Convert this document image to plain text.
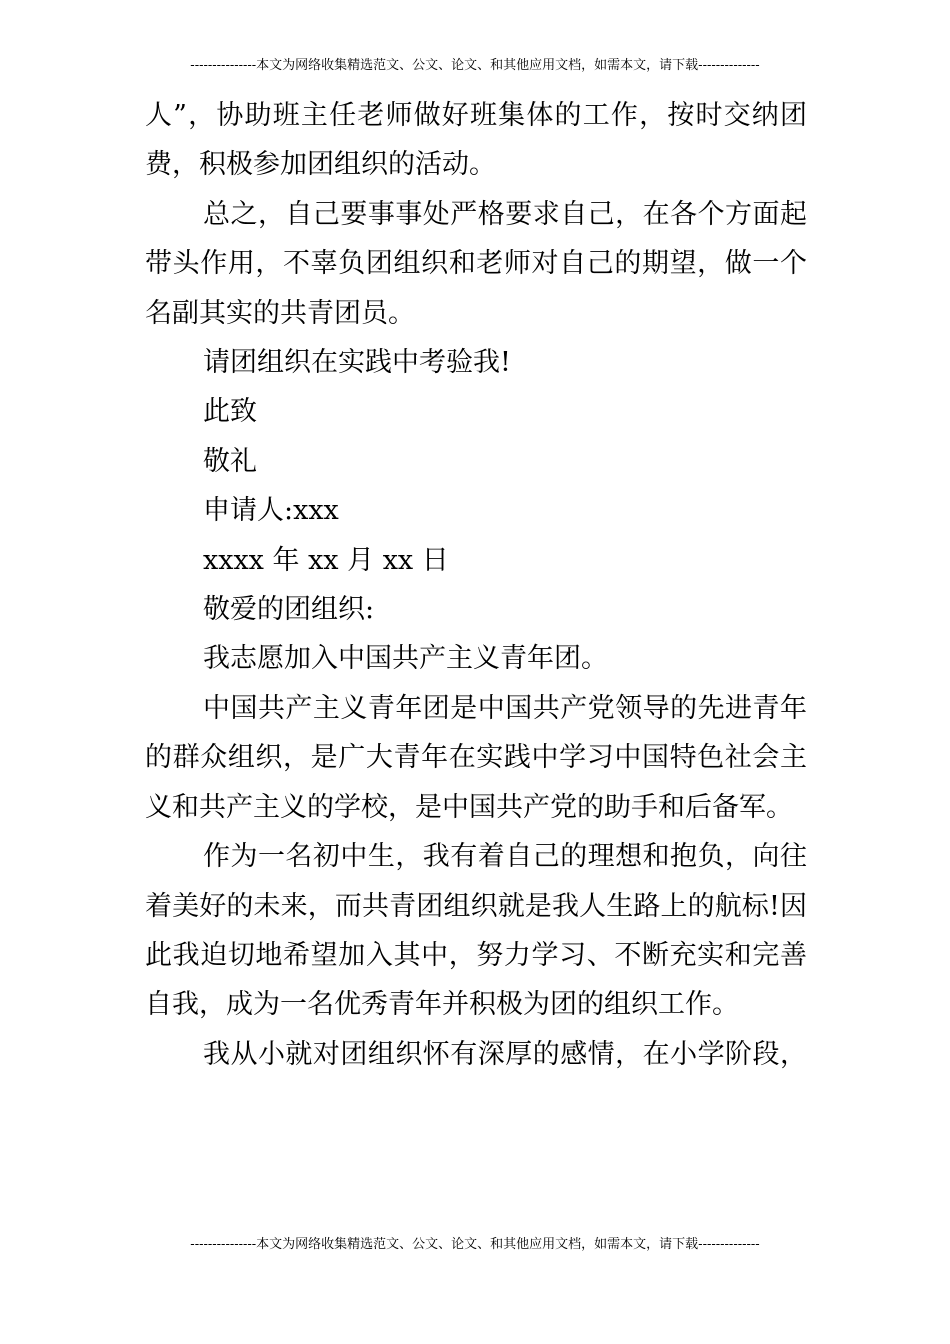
---------------本文为网络收集精选范文、公文、论文、和其他应用文档，如需本文，请下载--------------

人”，协助班主任老师做好班集体的工作，按时交纳团费，积极参加团组织的活动。

总之，自己要事事处严格要求自己，在各个方面起带头作用，不辜负团组织和老师对自己的期望，做一个名副其实的共青团员。

请团组织在实践中考验我!

此致

敬礼

申请人:xxx

xxxx 年 xx 月 xx 日

敬爱的团组织:

我志愿加入中国共产主义青年团。

中国共产主义青年团是中国共产党领导的先进青年的群众组织，是广大青年在实践中学习中国特色社会主义和共产主义的学校，是中国共产党的助手和后备军。

作为一名初中生，我有着自己的理想和抱负，向往着美好的未来，而共青团组织就是我人生路上的航标!因此我迫切地希望加入其中，努力学习、不断充实和完善自我，成为一名优秀青年并积极为团的组织工作。

我从小就对团组织怀有深厚的感情，在小学阶段，

---------------本文为网络收集精选范文、公文、论文、和其他应用文档，如需本文，请下载--------------
